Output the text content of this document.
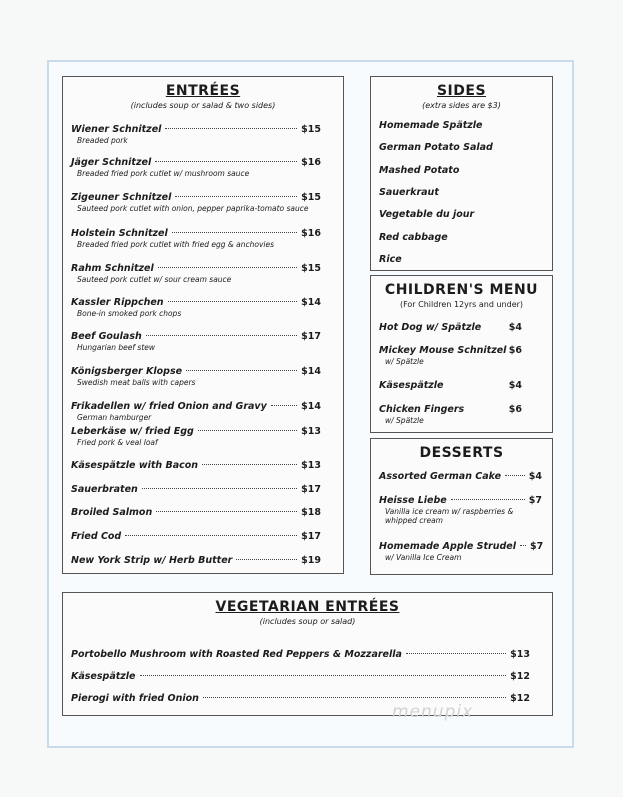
ENTRÉES
(includes soup or salad & two sides)
Wiener Schnitzel	$15
Breaded pork
Jäger Schnitzel	$16
Breaded fried pork cutlet w/ mushroom sauce
Zigeuner Schnitzel	$15
Sauteed pork cutlet with onion, pepper paprika-tomato sauce
Holstein Schnitzel	$16
Breaded fried pork cutlet with fried egg & anchovies
Rahm Schnitzel	$15
Sauteed pork cutlet w/ sour cream sauce
Kassler Rippchen	$14
Bone-in smoked pork chops
Beef Goulash	$17
Hungarian beef stew
Königsberger Klopse	$14
Swedish meat balls with capers
Frikadellen w/ fried Onion and Gravy	$14
German hamburger
Leberkäse w/ fried Egg	$13
Fried pork & veal loaf
Käsespätzle with Bacon	$13
Sauerbraten	$17
Broiled Salmon	$18
Fried Cod	$17
New York Strip w/ Herb Butter	$19
SIDES
(extra sides are $3)
Homemade Spätzle
German Potato Salad
Mashed Potato
Sauerkraut
Vegetable du jour
Red cabbage
Rice
CHILDREN'S MENU
(For Children 12yrs and under)
Hot Dog w/ Spätzle	$4
Mickey Mouse Schnitzel $6
w/ Spätzle
Käsespätzle	$4
Chicken Fingers	$6
w/ Spätzle
DESSERTS
Assorted German Cake	$4
Heisse Liebe	$7
Vanilla ice cream w/ raspberries & whipped cream
Homemade Apple Strudel $7
w/ Vanilla Ice Cream
VEGETARIAN ENTRÉES
(includes soup or salad)
Portobello Mushroom with Roasted Red Peppers & Mozzarella	$13
Käsespätzle	$12
Pierogi with fried Onion	$12
menupix
